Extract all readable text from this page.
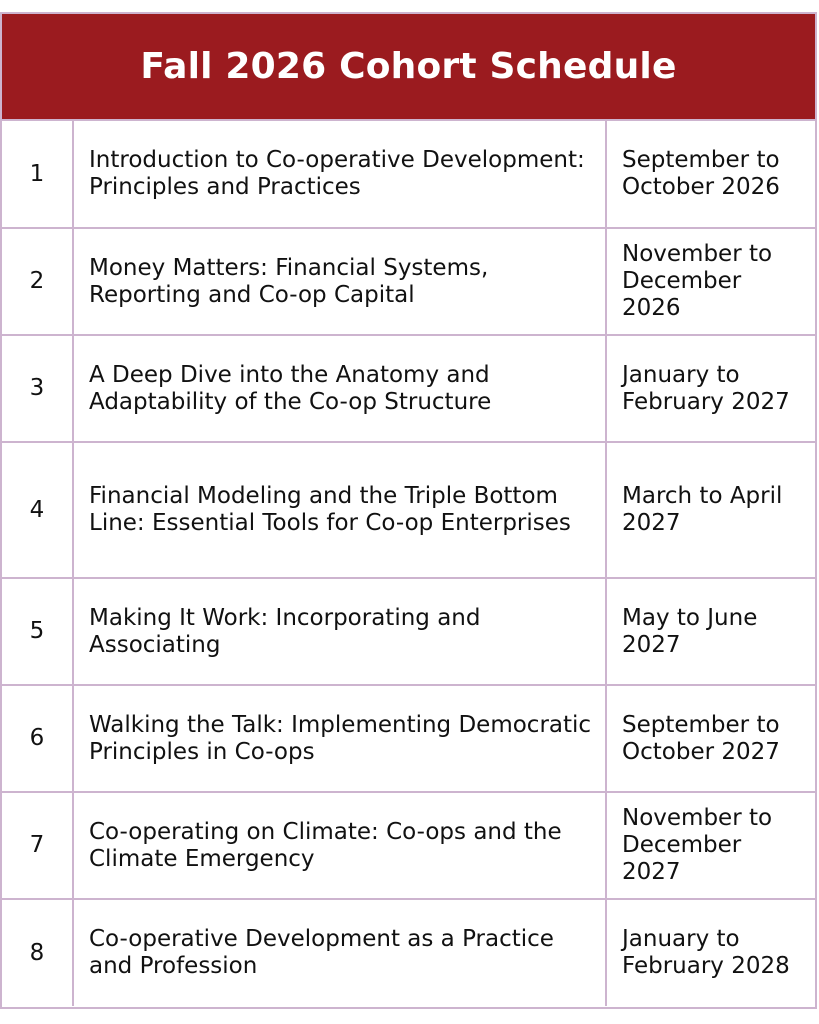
Fall 2026 Cohort Schedule
1	Introduction to Co-operative Development: Principles and Practices	September to October 2026
2	Money Matters: Financial Systems, Reporting and Co-op Capital	November to December 2026
3	A Deep Dive into the Anatomy and Adaptability of the Co-op Structure	January to February 2027
4	Financial Modeling and the Triple Bottom Line: Essential Tools for Co-op Enterprises	March to April 2027
5	Making It Work: Incorporating and Associating	May to June 2027
6	Walking the Talk: Implementing Democratic Principles in Co-ops	September to October 2027
7	Co-operating on Climate: Co-ops and the Climate Emergency	November to December 2027
8	Co-operative Development as a Practice and Profession	January to February 2028
